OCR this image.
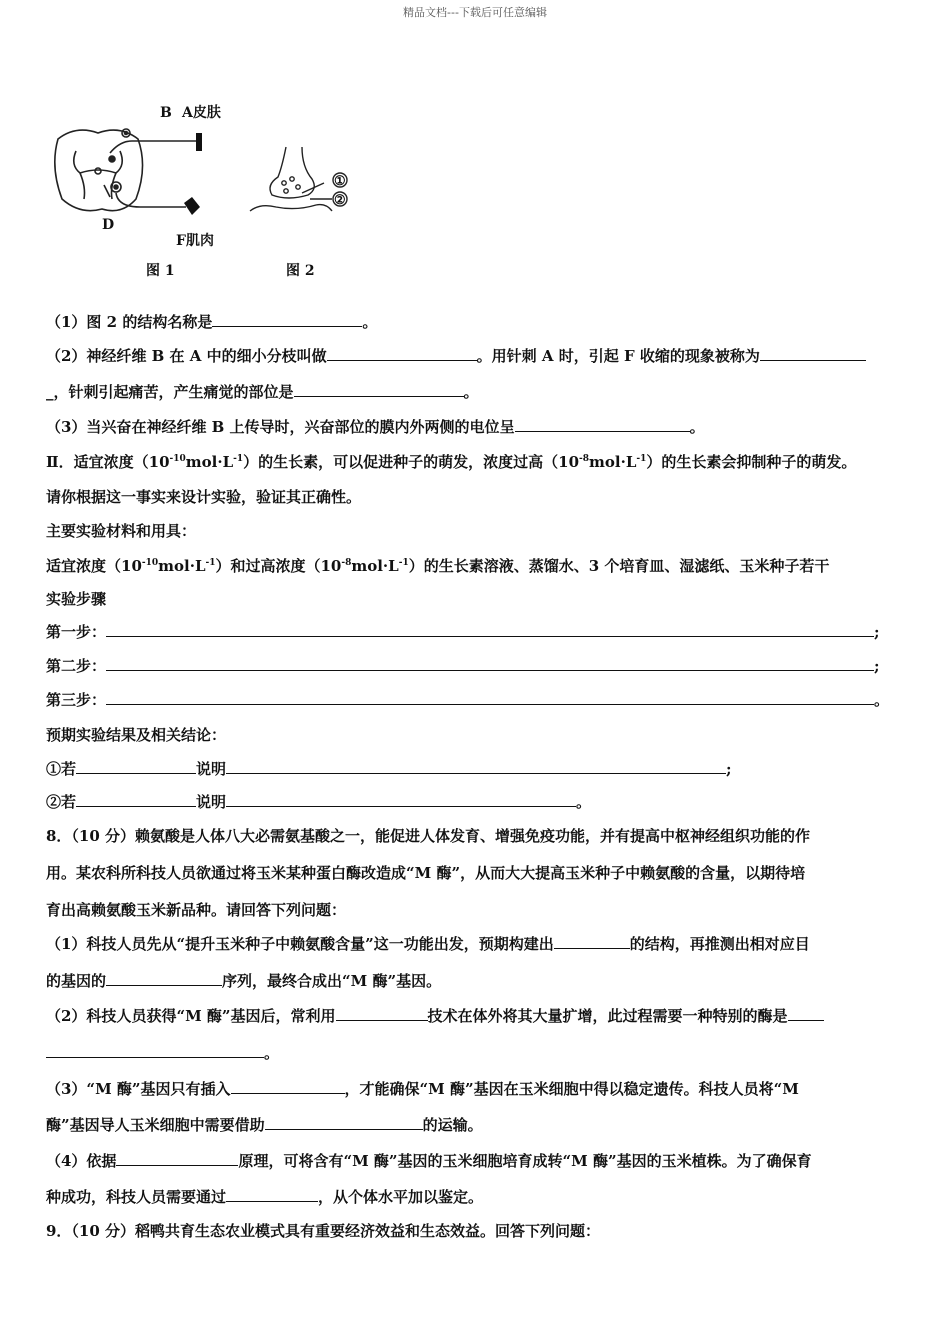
精品文档---下载后可任意编辑
B A皮肤
D
F肌肉
①
②
图 1	图 2
（1）图 2 的结构名称是	。
（2）神经纤维 B 在 A 中的细小分枝叫做	。用针刺 A 时，引起 F 收缩的现象被称为
_，针刺引起痛苦，产生痛觉的部位是	。
（3）当兴奋在神经纤维 B 上传导时，兴奋部位的膜内外两侧的电位呈	。
Ⅱ．适宜浓度$(10^{-10}mol\cdot L^{-1})$的生长素，可以促进种子的萌发，浓度过高$(10^{-8}mol\cdot L^{-1})$的生长素会抑制种子的萌发。
请你根据这一事实来设计实验，验证其正确性。
主要实验材料和用具：
适宜浓度$(10^{-10}mol\cdot L^{-1})$和过高浓度$(10^{-8}mol\cdot L^{-1})$的生长素溶液、蒸馏水、3 个培育皿、湿滤纸、玉米种子若干
实验步骤
第一步：	;
第二步：	;
第三步：	。
预期实验结果及相关结论：
①若	说明	;
②若	说明	。
8．（10 分）赖氨酸是人体八大必需氨基酸之一，能促进人体发育、增强免疫功能，并有提高中枢神经组织功能的作
用。某农科所科技人员欲通过将玉米某种蛋白酶改造成“M 酶”，从而大大提高玉米种子中赖氨酸的含量，以期待培
育出高赖氨酸玉米新品种。请回答下列问题：
（1）科技人员先从“提升玉米种子中赖氨酸含量”这一功能出发，预期构建出	的结构，再推测出相对应目
的基因的	序列，最终合成出“M 酶”基因。
（2）科技人员获得“M 酶”基因后，常利用	技术在体外将其大量扩增，此过程需要一种特别的酶是
。
（3）“M 酶”基因只有插入	，才能确保“M 酶”基因在玉米细胞中得以稳定遗传。科技人员将“M
酶”基因导人玉米细胞中需要借助	的运输。
（4）依据	原理，可将含有“M 酶”基因的玉米细胞培育成转“M 酶”基因的玉米植株。为了确保育
种成功，科技人员需要通过	，从个体水平加以鉴定。
9．（10 分）稻鸭共育生态农业模式具有重要经济效益和生态效益。回答下列问题：
